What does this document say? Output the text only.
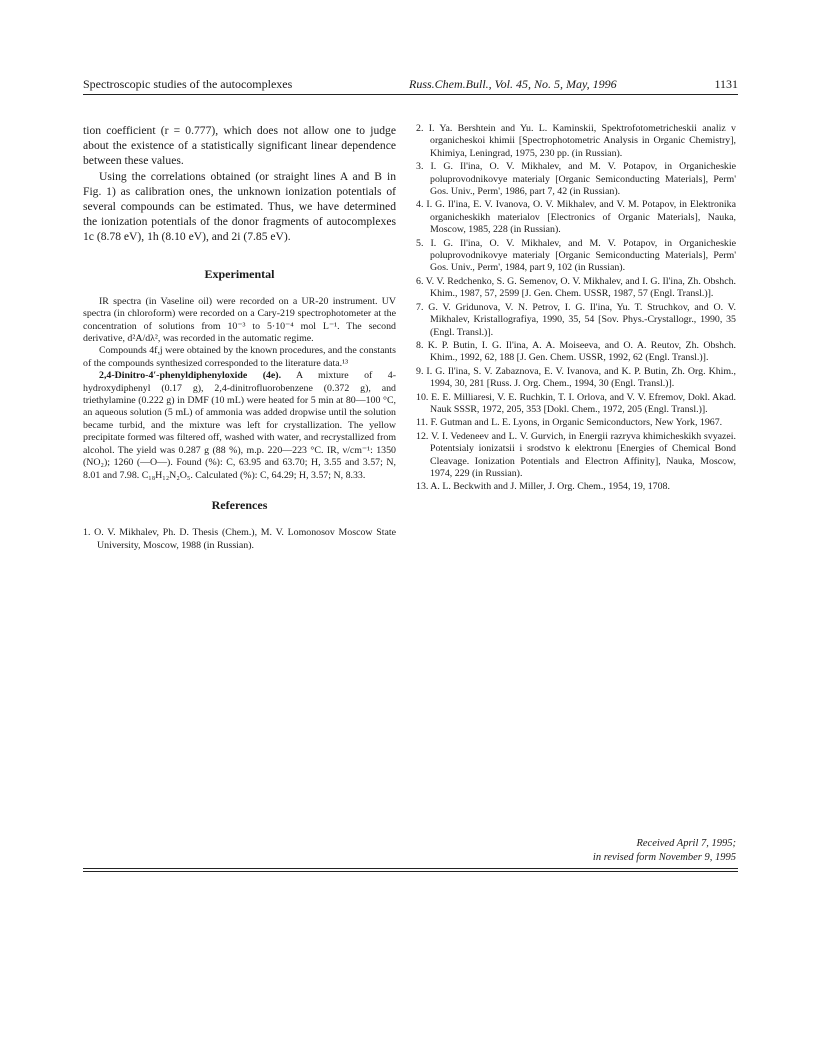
Spectroscopic studies of the autocomplexes	Russ.Chem.Bull., Vol. 45, No. 5, May, 1996	1131

tion coefficient (r = 0.777), which does not allow one to judge about the existence of a statistically significant linear dependence between these values.

Using the correlations obtained (or straight lines A and B in Fig. 1) as calibration ones, the unknown ionization potentials of several compounds can be estimated. Thus, we have determined the ionization potentials of the donor fragments of autocomplexes 1c (8.78 eV), 1h (8.10 eV), and 2i (7.85 eV).

Experimental

IR spectra (in Vaseline oil) were recorded on a UR-20 instrument. UV spectra (in chloroform) were recorded on a Cary-219 spectrophotometer at the concentration of solutions from 10⁻³ to 5·10⁻⁴ mol L⁻¹. The second derivative, d²A/dλ², was recorded in the automatic regime.

Compounds 4f,j were obtained by the known procedures, and the constants of the compounds synthesized corresponded to the literature data.¹³

2,4-Dinitro-4′-phenyldiphenyloxide (4e). A mixture of 4-hydroxydiphenyl (0.17 g), 2,4-dinitrofluorobenzene (0.372 g), and triethylamine (0.222 g) in DMF (10 mL) were heated for 5 min at 80—100 °C, an aqueous solution (5 mL) of ammonia was added dropwise until the solution became turbid, and the mixture was left for crystallization. The yellow precipitate formed was filtered off, washed with water, and recrystallized from alcohol. The yield was 0.287 g (88 %), m.p. 220—223 °C. IR, ν/cm⁻¹: 1350 (NO₂); 1260 (—O—). Found (%): C, 63.95 and 63.70; H, 3.55 and 3.57; N, 8.01 and 7.98. C₁₈H₁₂N₂O₅. Calculated (%): C, 64.29; H, 3.57; N, 8.33.

References

1. O. V. Mikhalev, Ph. D. Thesis (Chem.), M. V. Lomonosov Moscow State University, Moscow, 1988 (in Russian).

2. I. Ya. Bershtein and Yu. L. Kaminskii, Spektrofotometricheskii analiz v organicheskoi khimii [Spectrophotometric Analysis in Organic Chemistry], Khimiya, Leningrad, 1975, 230 pp. (in Russian).

3. I. G. Il'ina, O. V. Mikhalev, and M. V. Potapov, in Organicheskie poluprovodnikovye materialy [Organic Semiconducting Materials], Perm' Gos. Univ., Perm', 1986, part 7, 42 (in Russian).

4. I. G. Il'ina, E. V. Ivanova, O. V. Mikhalev, and V. M. Potapov, in Elektronika organicheskikh materialov [Electronics of Organic Materials], Nauka, Moscow, 1985, 228 (in Russian).

5. I. G. Il'ina, O. V. Mikhalev, and M. V. Potapov, in Organicheskie poluprovodnikovye materialy [Organic Semiconducting Materials], Perm' Gos. Univ., Perm', 1984, part 9, 102 (in Russian).

6. V. V. Redchenko, S. G. Semenov, O. V. Mikhalev, and I. G. Il'ina, Zh. Obshch. Khim., 1987, 57, 2599 [J. Gen. Chem. USSR, 1987, 57 (Engl. Transl.)].

7. G. V. Gridunova, V. N. Petrov, I. G. Il'ina, Yu. T. Struchkov, and O. V. Mikhalev, Kristallografiya, 1990, 35, 54 [Sov. Phys.-Crystallogr., 1990, 35 (Engl. Transl.)].

8. K. P. Butin, I. G. Il'ina, A. A. Moiseeva, and O. A. Reutov, Zh. Obshch. Khim., 1992, 62, 188 [J. Gen. Chem. USSR, 1992, 62 (Engl. Transl.)].

9. I. G. Il'ina, S. V. Zabaznova, E. V. Ivanova, and K. P. Butin, Zh. Org. Khim., 1994, 30, 281 [Russ. J. Org. Chem., 1994, 30 (Engl. Transl.)].

10. E. E. Milliaresi, V. E. Ruchkin, T. I. Orlova, and V. V. Efremov, Dokl. Akad. Nauk SSSR, 1972, 205, 353 [Dokl. Chem., 1972, 205 (Engl. Transl.)].

11. F. Gutman and L. E. Lyons, in Organic Semiconductors, New York, 1967.

12. V. I. Vedeneev and L. V. Gurvich, in Energii razryva khimicheskikh svyazei. Potentsialy ionizatsii i srodstvo k elektronu [Energies of Chemical Bond Cleavage. Ionization Potentials and Electron Affinity], Nauka, Moscow, 1974, 229 (in Russian).

13. A. L. Beckwith and J. Miller, J. Org. Chem., 1954, 19, 1708.

Received April 7, 1995;
in revised form November 9, 1995
